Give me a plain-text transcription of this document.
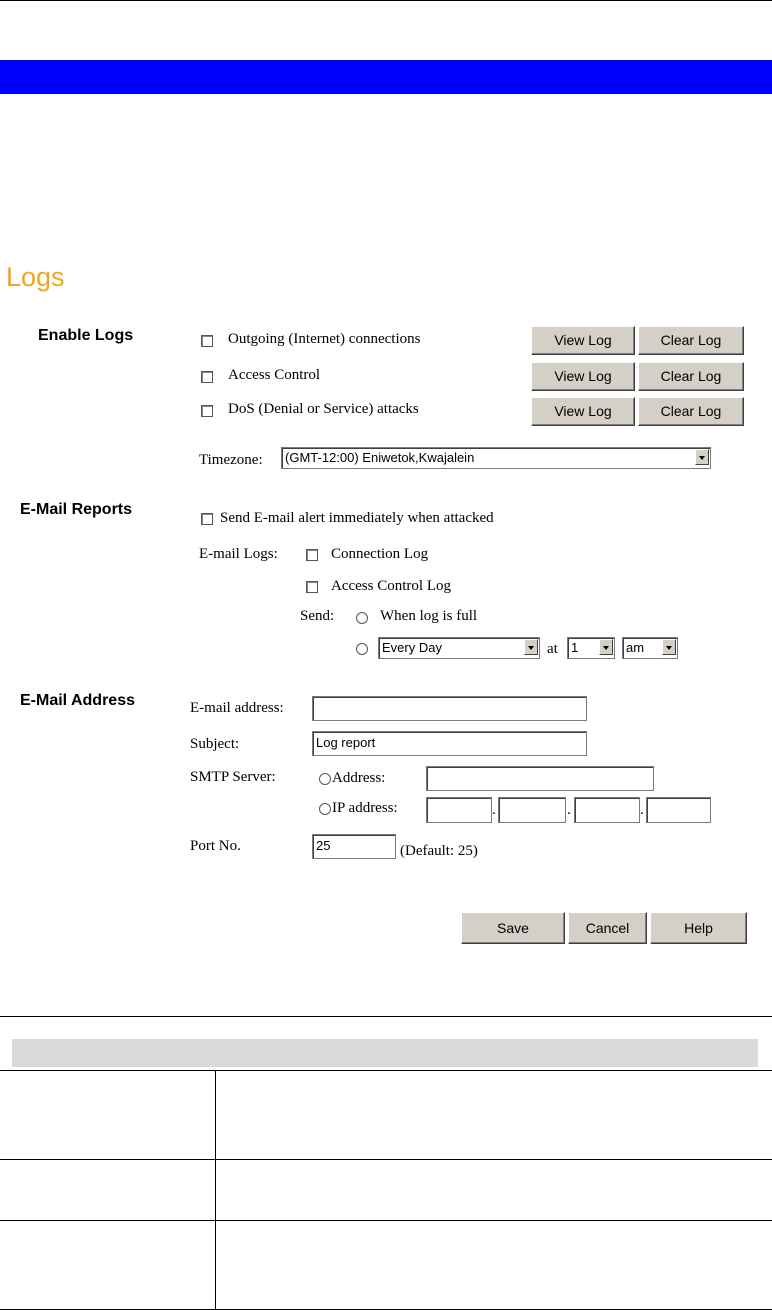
Logs
Enable Logs	Outgoing (Internet) connections	View Log	Clear Log
Access Control	View Log	Clear Log
DoS (Denial or Service) attacks	View Log	Clear Log
Timezone:	(GMT-12:00) Eniwetok,Kwajalein
E-Mail Reports	Send E-mail alert immediately when attacked
E-mail Logs:	Connection Log
Access Control Log
Send:	When log is full
Every Day	at	1	am
E-Mail Address	E-mail address:
Subject:	Log report
SMTP Server:	Address:
IP address:	.	.	.
Port No.	25	(Default: 25)
Save	Cancel	Help
